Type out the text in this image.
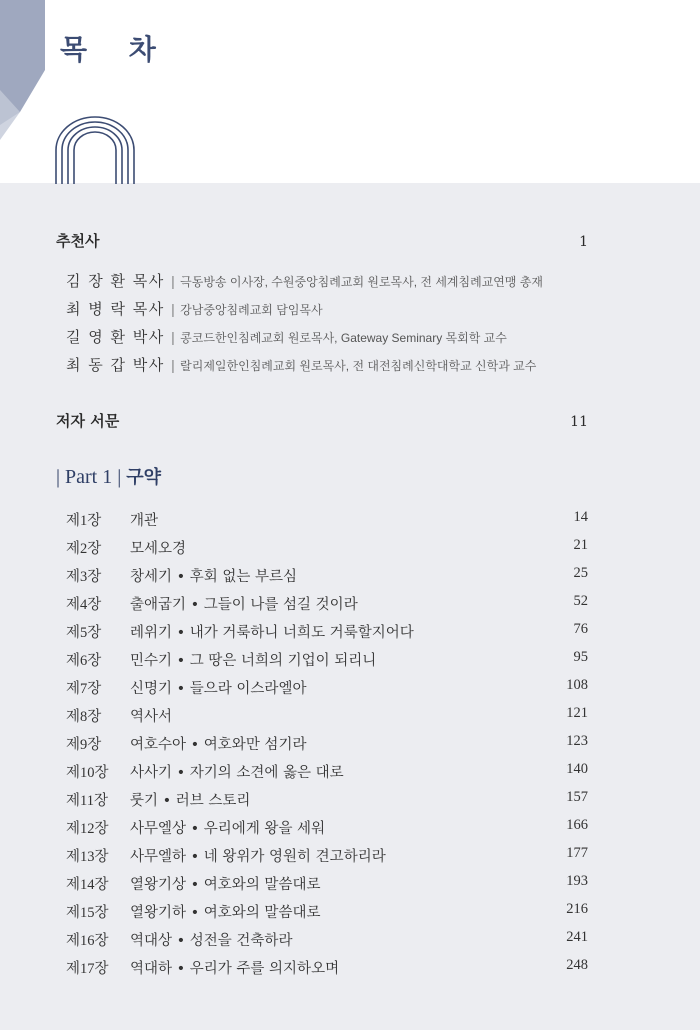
목 차
추천사	1
김 장 환 목사 | 극동방송 이사장, 수원중앙침례교회 원로목사, 전 세계침례교연맹 총재
최 병 락 목사 | 강남중앙침례교회 담임목사
길 영 환 박사 | 콩코드한인침례교회 원로목사, Gateway Seminary 목회학 교수
최 동 갑 박사 | 랄리제일한인침례교회 원로목사, 전 대전침례신학대학교 신학과 교수
저자 서문	11
| Part 1 | 구약
제1장 개관	14
제2장 모세오경	21
제3장 창세기 • 후회 없는 부르심	25
제4장 출애굽기 • 그들이 나를 섬길 것이라	52
제5장 레위기 • 내가 거룩하니 너희도 거룩할지어다	76
제6장 민수기 • 그 땅은 너희의 기업이 되리니	95
제7장 신명기 • 들으라 이스라엘아	108
제8장 역사서	121
제9장 여호수아 • 여호와만 섬기라	123
제10장 사사기 • 자기의 소견에 옳은 대로	140
제11장 룻기 • 러브 스토리	157
제12장 사무엘상 • 우리에게 왕을 세워	166
제13장 사무엘하 • 네 왕위가 영원히 견고하리라	177
제14장 열왕기상 • 여호와의 말씀대로	193
제15장 열왕기하 • 여호와의 말씀대로	216
제16장 역대상 • 성전을 건축하라	241
제17장 역대하 • 우리가 주를 의지하오며	248
